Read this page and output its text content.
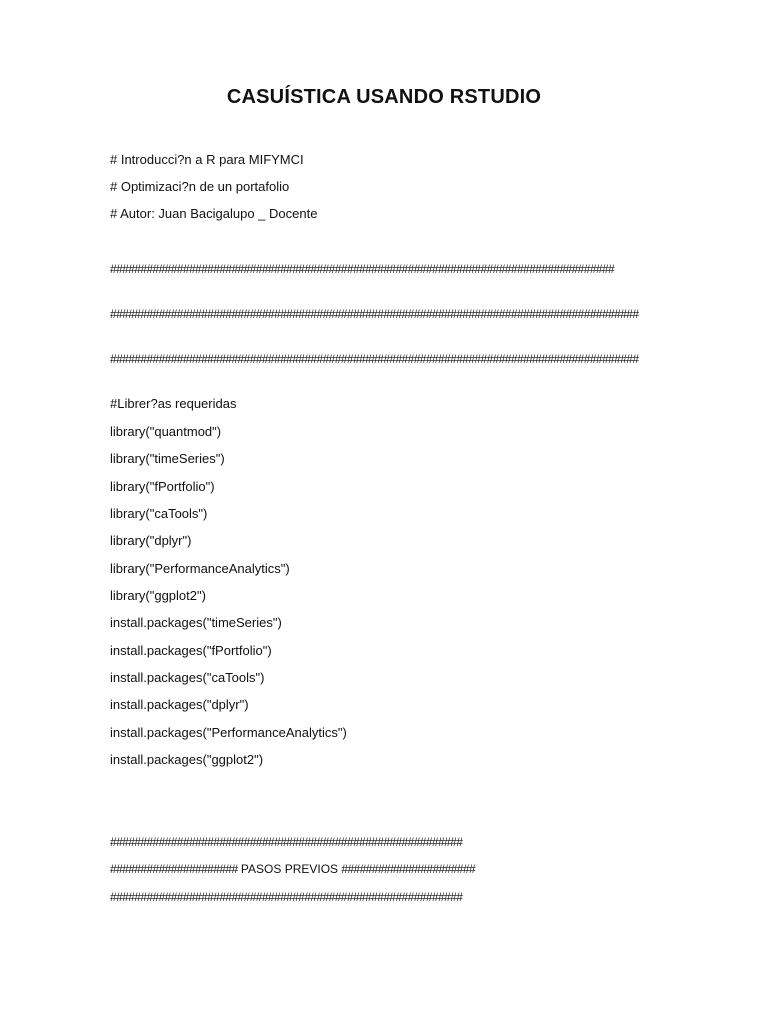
CASUÍSTICA USANDO RSTUDIO
# Introducci?n a R para MIFYMCI
# Optimizaci?n de un portafolio
# Autor: Juan Bacigalupo _ Docente
###################################################################################
#######################################################################################
#######################################################################################
#Librer?as requeridas
library("quantmod")
library("timeSeries")
library("fPortfolio")
library("caTools")
library("dplyr")
library("PerformanceAnalytics")
library("ggplot2")
install.packages("timeSeries")
install.packages("fPortfolio")
install.packages("caTools")
install.packages("dplyr")
install.packages("PerformanceAnalytics")
install.packages("ggplot2")
##########################################################
##################### PASOS PREVIOS ######################
##########################################################
